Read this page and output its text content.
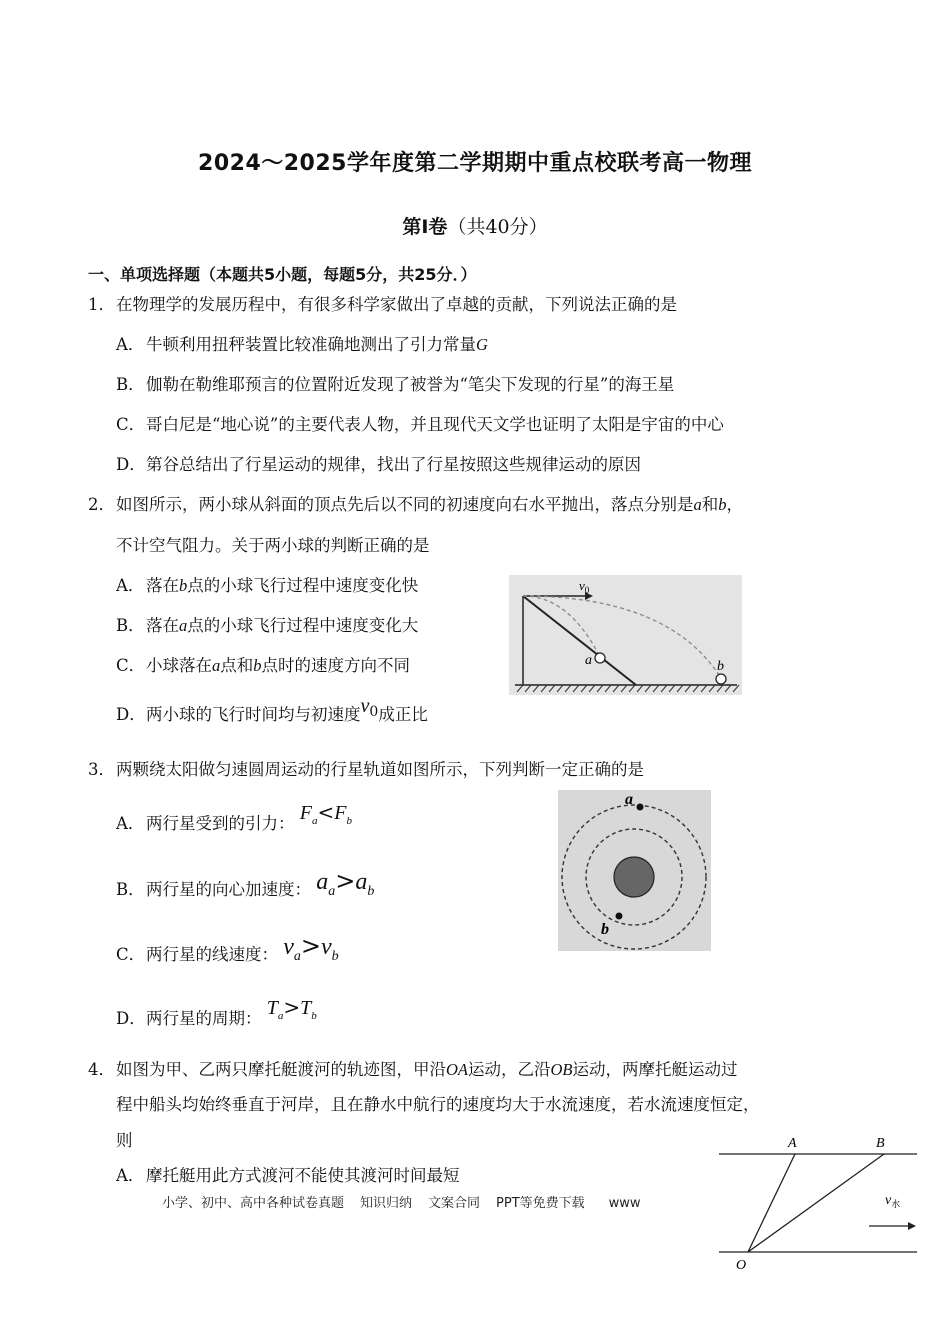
2024～2025学年度第二学期期中重点校联考高一物理
第Ⅰ卷（共40分）
一、单项选择题（本题共5小题，每题5分，共25分．）
1．在物理学的发展历程中，有很多科学家做出了卓越的贡献，下列说法正确的是
A．牛顿利用扭秤装置比较准确地测出了引力常量G
B．伽勒在勒维耶预言的位置附近发现了被誉为“笔尖下发现的行星”的海王星
C．哥白尼是“地心说”的主要代表人物，并且现代天文学也证明了太阳是宇宙的中心
D．第谷总结出了行星运动的规律，找出了行星按照这些规律运动的原因
2．如图所示，两小球从斜面的顶点先后以不同的初速度向右水平抛出，落点分别是a和b，
不计空气阻力。关于两小球的判断正确的是
A．落在b点的小球飞行过程中速度变化快
B．落在a点的小球飞行过程中速度变化大
C．小球落在a点和b点时的速度方向不同
D．两小球的飞行时间均与初速度$v^0$成正比
$v_0$
a	b
3．两颗绕太阳做匀速圆周运动的行星轨道如图所示，下列判断一定正确的是
A．两行星受到的引力： $F_a<F_b$
B．两行星的向心加速度： $a_a>a_b$
C．两行星的线速度： $v_a>v_b$
D．两行星的周期： $T_a>T_b$
a
b
4．如图为甲、乙两只摩托艇渡河的轨迹图，甲沿OA运动，乙沿OB运动，两摩托艇运动过
程中船头均始终垂直于河岸，且在静水中航行的速度均大于水流速度，若水流速度恒定，
则
A．摩托艇用此方式渡河不能使其渡河时间最短
小学、初中、高中各种试卷真题 知识归纳 文案合同 PPT等免费下载 www
A	B
O
$v_水$
